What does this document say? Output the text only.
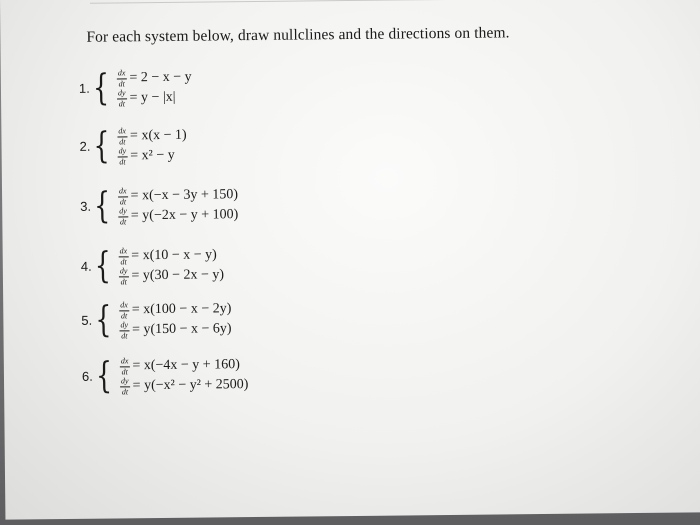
For each system below, draw nullclines and the directions on them.
1. { $\frac{dx}{dt} = 2 - x - y$
$\frac{dy}{dt} = y - |x|$
2. { $\frac{dx}{dt} = x(x - 1)$
$\frac{dy}{dt} = x^2 - y$
3. { $\frac{dx}{dt} = x(-x - 3y + 150)$
$\frac{dy}{dt} = y(-2x - y + 100)$
4. { $\frac{dx}{dt} = x(10 - x - y)$
$\frac{dy}{dt} = y(30 - 2x - y)$
5. { $\frac{dx}{dt} = x(100 - x - 2y)$
$\frac{dy}{dt} = y(150 - x - 6y)$
6. { $\frac{dx}{dt} = x(-4x - y + 160)$
$\frac{dy}{dt} = y(-x^2 - y^2 + 2500)$
